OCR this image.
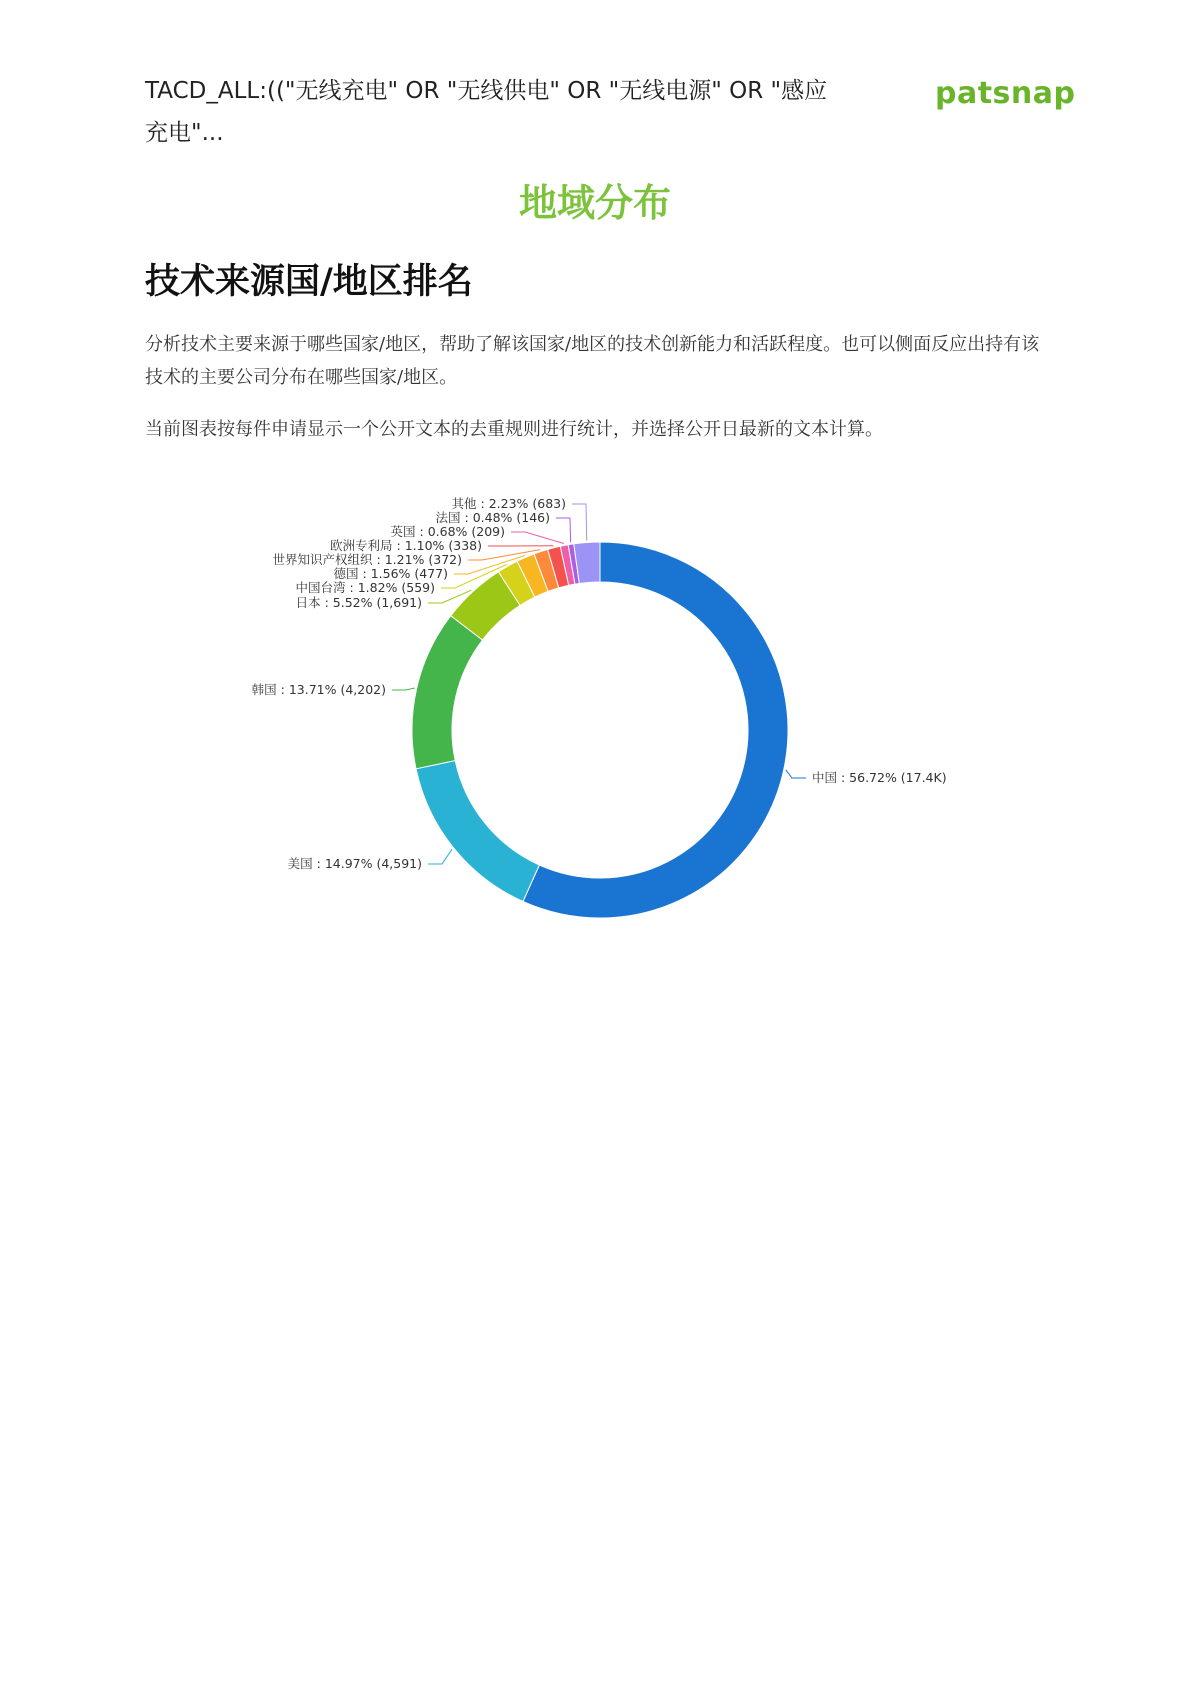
TACD_ALL:(("无线充电" OR "无线供电" OR "无线电源" OR "感应充电"...
patsnap
地域分布
技术来源国/地区排名
分析技术主要来源于哪些国家/地区，帮助了解该国家/地区的技术创新能力和活跃程度。也可以侧面反应出持有该技术的主要公司分布在哪些国家/地区。
当前图表按每件申请显示一个公开文本的去重规则进行统计，并选择公开日最新的文本计算。
中国 : 56.72% (17.4K)
美国 : 14.97% (4,591)
韩国 : 13.71% (4,202)
日本 : 5.52% (1,691)
中国台湾 : 1.82% (559)
德国 : 1.56% (477)
世界知识产权组织 : 1.21% (372)
欧洲专利局 : 1.10% (338)
英国 : 0.68% (209)
法国 : 0.48% (146)
其他 : 2.23% (683)
